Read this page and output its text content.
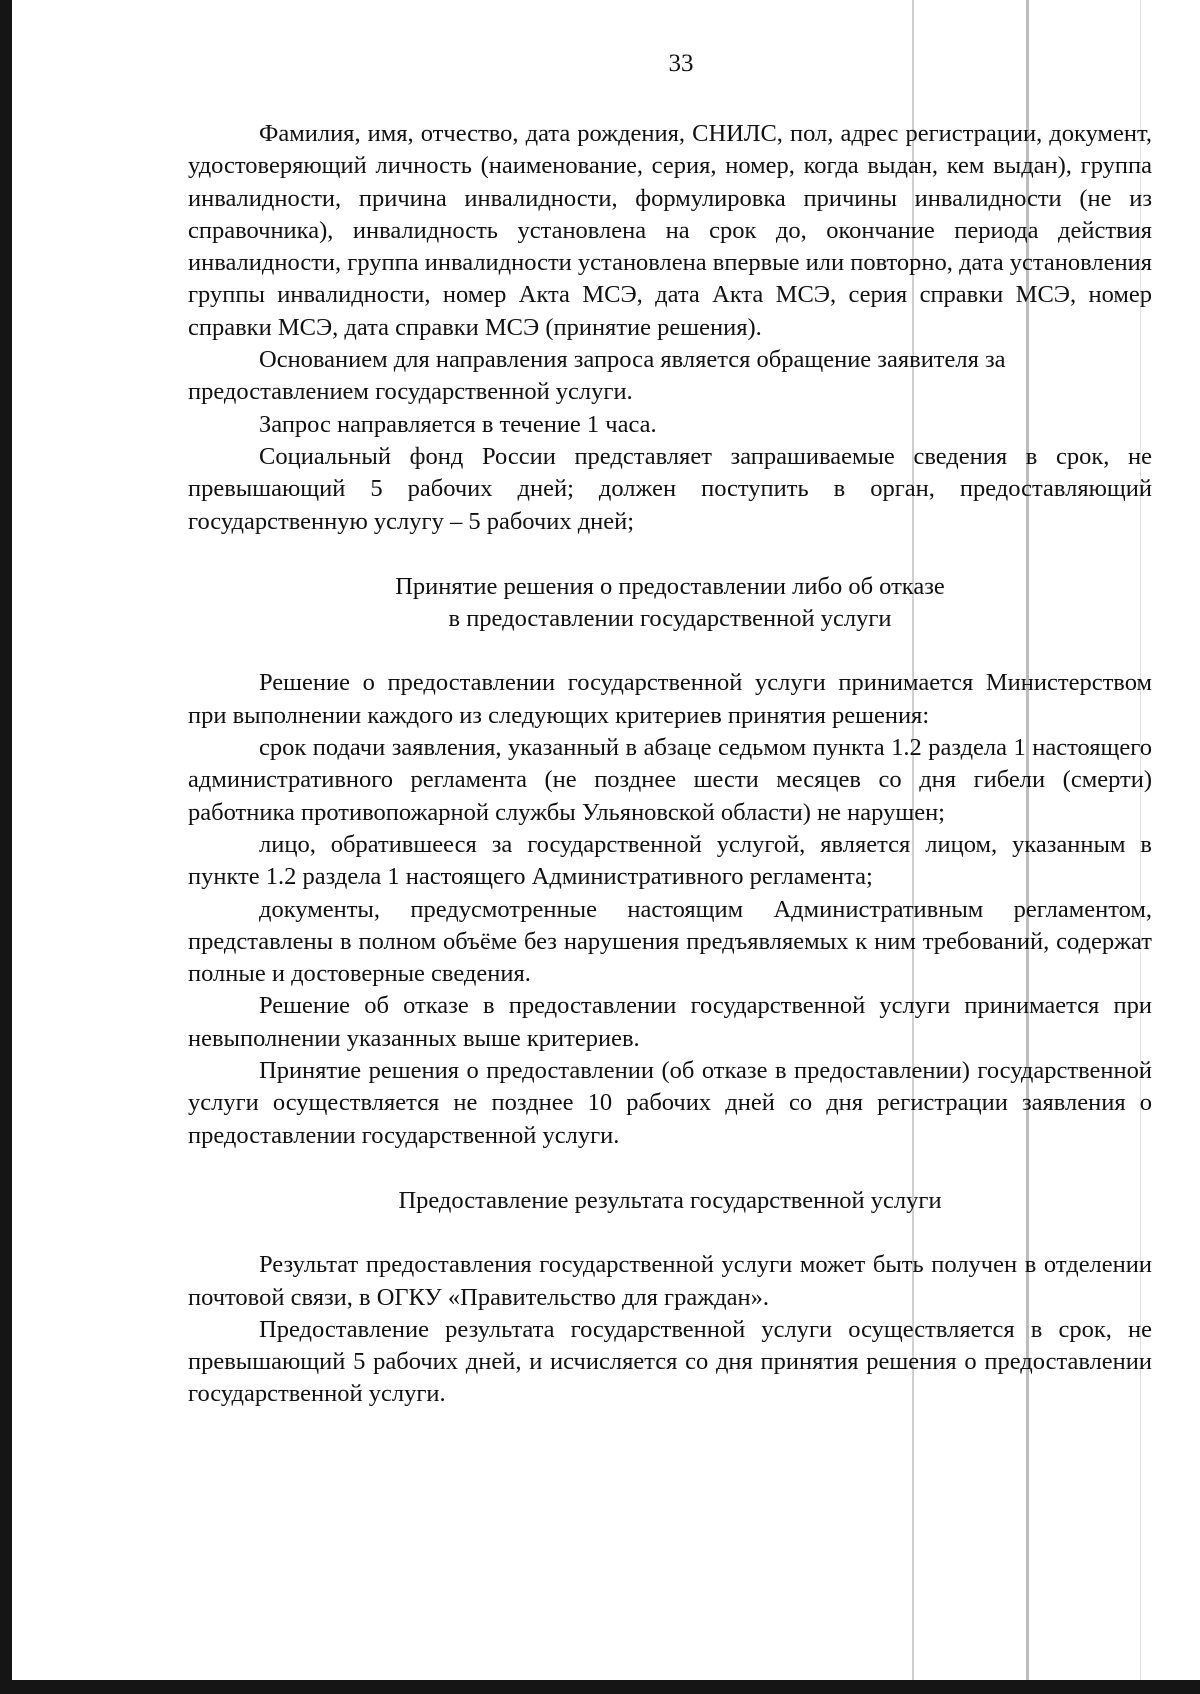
33

Фамилия, имя, отчество, дата рождения, СНИЛС, пол, адрес регистрации, документ, удостоверяющий личность (наименование, серия, номер, когда выдан, кем выдан), группа инвалидности, причина инвалидности, формулировка причины инвалидности (не из справочника), инвалидность установлена на срок до, окончание периода действия инвалидности, группа инвалидности установлена впервые или повторно, дата установления группы инвалидности, номер Акта МСЭ, дата Акта МСЭ, серия справки МСЭ, номер справки МСЭ, дата справки МСЭ (принятие решения).

Основанием для направления запроса является обращение заявителя за предоставлением государственной услуги.

Запрос направляется в течение 1 часа.

Социальный фонд России представляет запрашиваемые сведения в срок, не превышающий 5 рабочих дней; должен поступить в орган, предоставляющий государственную услугу – 5 рабочих дней;

Принятие решения о предоставлении либо об отказе
в предоставлении государственной услуги

Решение о предоставлении государственной услуги принимается Министерством при выполнении каждого из следующих критериев принятия решения:

срок подачи заявления, указанный в абзаце седьмом пункта 1.2 раздела 1 настоящего административного регламента (не позднее шести месяцев со дня гибели (смерти) работника противопожарной службы Ульяновской области) не нарушен;

лицо, обратившееся за государственной услугой, является лицом, указанным в пункте 1.2 раздела 1 настоящего Административного регламента;

документы, предусмотренные настоящим Административным регламентом, представлены в полном объёме без нарушения предъявляемых к ним требований, содержат полные и достоверные сведения.

Решение об отказе в предоставлении государственной услуги принимается при невыполнении указанных выше критериев.

Принятие решения о предоставлении (об отказе в предоставлении) государственной услуги осуществляется не позднее 10 рабочих дней со дня регистрации заявления о предоставлении государственной услуги.

Предоставление результата государственной услуги

Результат предоставления государственной услуги может быть получен в отделении почтовой связи, в ОГКУ «Правительство для граждан».

Предоставление результата государственной услуги осуществляется в срок, не превышающий 5 рабочих дней, и исчисляется со дня принятия решения о предоставлении государственной услуги.
